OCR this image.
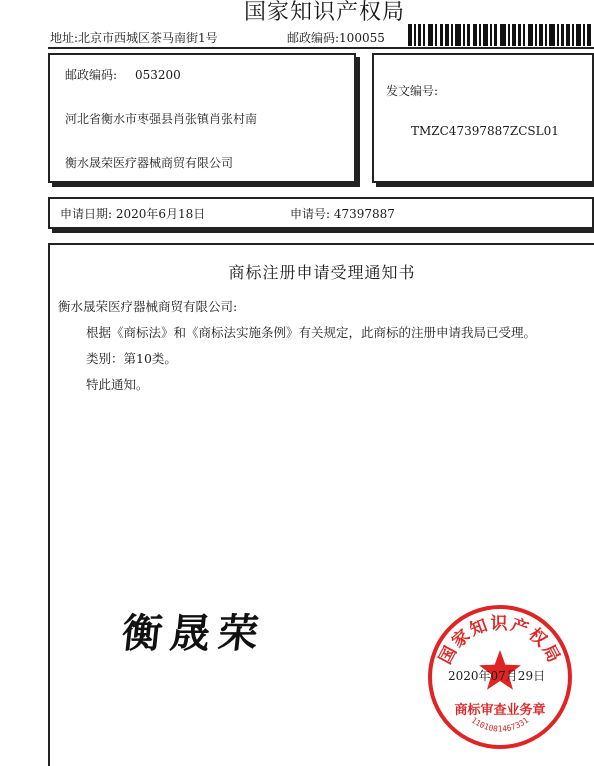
国家知识产权局
地址:北京市西城区茶马南街1号	邮政编码:100055
邮政编码: 053200
河北省衡水市枣强县肖张镇肖张村南
衡水晟荣医疗器械商贸有限公司
发文编号:
TMZC47397887ZCSL01
申请日期: 2020年6月18日	申请号: 47397887
商标注册申请受理通知书
衡水晟荣医疗器械商贸有限公司:
根据《商标法》和《商标法实施条例》有关规定，此商标的注册申请我局已受理。
类别：第10类。
特此通知。
衡晟荣	国家知识产权局
商标审查业务章
1101081467331
2020年07月29日
